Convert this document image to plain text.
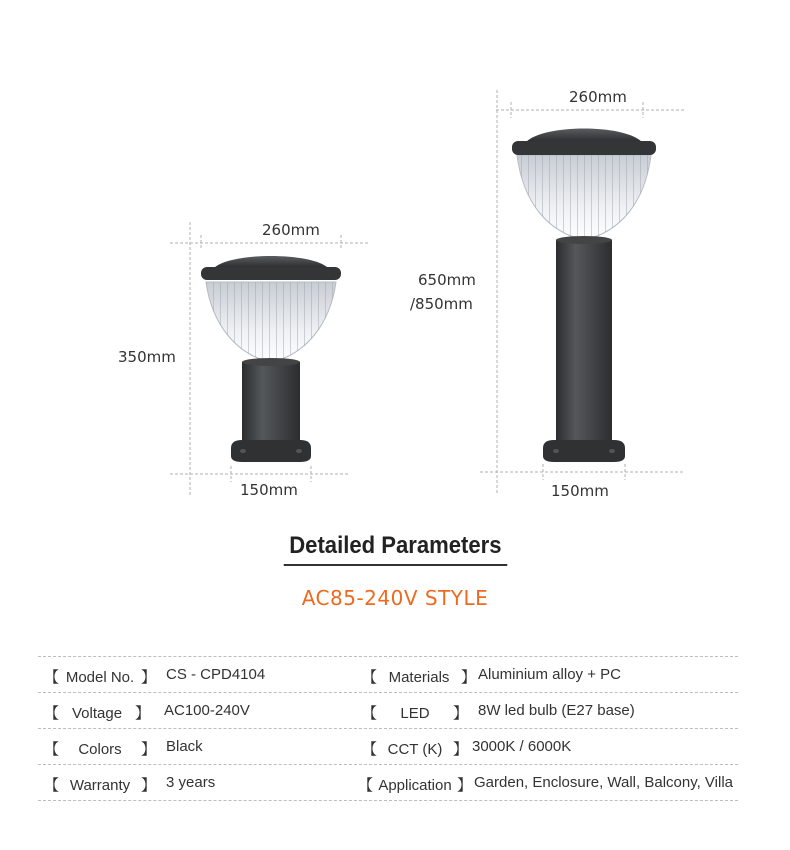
260mm
350mm
150mm
260mm
650mm
/850mm
150mm
Detailed Parameters
AC85-240V STYLE
【 Model No. 】 CS - CPD4104	【 Materials 】 Aluminium alloy + PC
【 Voltage 】 AC100-240V	【 LED 】 8W led bulb (E27 base)
【 Colors 】 Black	【 CCT (K) 】 3000K / 6000K
【 Warranty 】 3 years	【 Application 】 Garden, Enclosure, Wall, Balcony, Villa
